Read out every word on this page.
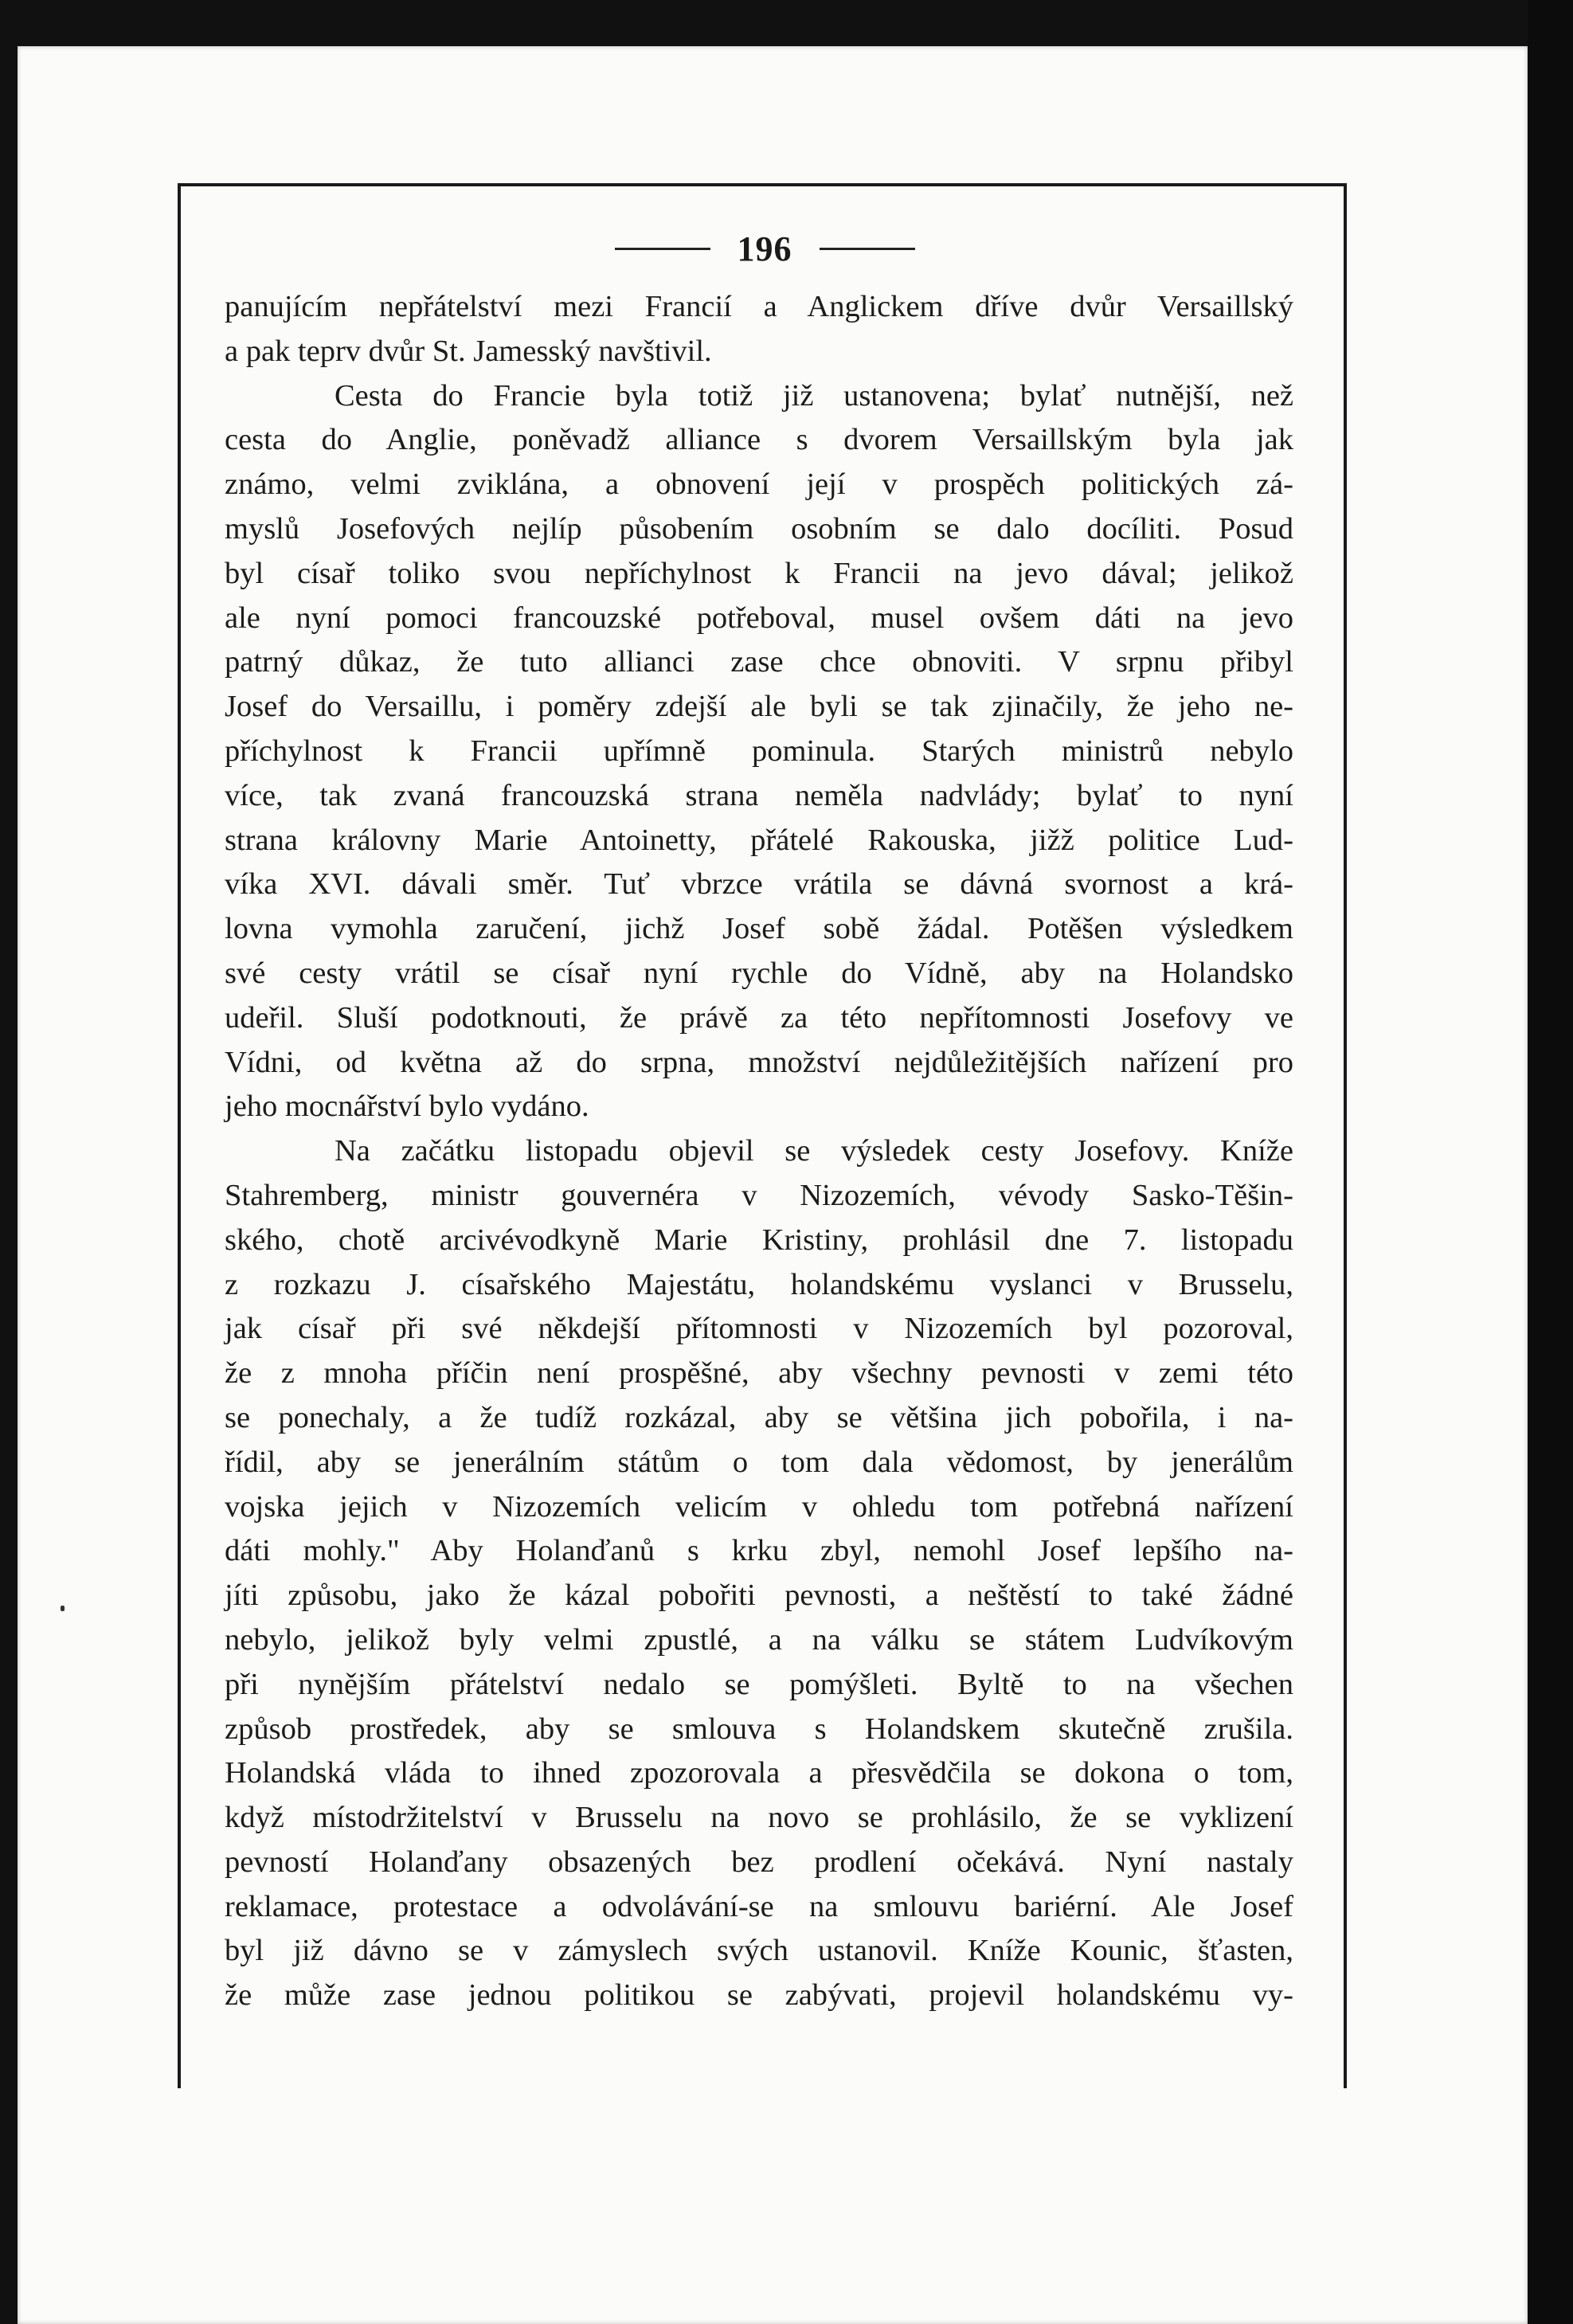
196
panujícím nepřátelství mezi Francií a Anglickem dříve dvůr Versaillský
a pak teprv dvůr St. Jamesský navštivil.
Cesta do Francie byla totiž již ustanovena; bylať nutnější, než
cesta do Anglie, poněvadž alliance s dvorem Versaillským byla jak
známo, velmi zviklána, a obnovení její v prospěch politických zá-
myslů Josefových nejlíp působením osobním se dalo docíliti. Posud
byl císař toliko svou nepříchylnost k Francii na jevo dával; jelikož
ale nyní pomoci francouzské potřeboval, musel ovšem dáti na jevo
patrný důkaz, že tuto allianci zase chce obnoviti. V srpnu přibyl
Josef do Versaillu, i poměry zdejší ale byli se tak zjinačily, že jeho ne-
příchylnost k Francii upřímně pominula. Starých ministrů nebylo
více, tak zvaná francouzská strana neměla nadvlády; bylať to nyní
strana královny Marie Antoinetty, přátelé Rakouska, jižž politice Lud-
víka XVI. dávali směr. Tuť vbrzce vrátila se dávná svornost a krá-
lovna vymohla zaručení, jichž Josef sobě žádal. Potěšen výsledkem
své cesty vrátil se císař nyní rychle do Vídně, aby na Holandsko
udeřil. Sluší podotknouti, že právě za této nepřítomnosti Josefovy ve
Vídni, od května až do srpna, množství nejdůležitějších nařízení pro
jeho mocnářství bylo vydáno.
Na začátku listopadu objevil se výsledek cesty Josefovy. Kníže
Stahremberg, ministr gouvernéra v Nizozemích, vévody Sasko-Těšin-
ského, chotě arcivévodkyně Marie Kristiny, prohlásil dne 7. listopadu
z rozkazu J. císařského Majestátu, holandskému vyslanci v Brusselu,
jak císař při své někdejší přítomnosti v Nizozemích byl pozoroval,
že z mnoha příčin není prospěšné, aby všechny pevnosti v zemi této
se ponechaly, a že tudíž rozkázal, aby se většina jich pobořila, i na-
řídil, aby se jenerálním státům o tom dala vědomost, by jenerálům
vojska jejich v Nizozemích velicím v ohledu tom potřebná nařízení
dáti mohly." Aby Holanďanů s krku zbyl, nemohl Josef lepšího na-
jíti způsobu, jako že kázal pobořiti pevnosti, a neštěstí to také žádné
nebylo, jelikož byly velmi zpustlé, a na válku se státem Ludvíkovým
při nynějším přátelství nedalo se pomýšleti. Byltě to na všechen
způsob prostředek, aby se smlouva s Holandskem skutečně zrušila.
Holandská vláda to ihned zpozorovala a přesvědčila se dokona o tom,
když místodržitelství v Brusselu na novo se prohlásilo, že se vyklizení
pevností Holanďany obsazených bez prodlení očekává. Nyní nastaly
reklamace, protestace a odvolávání-se na smlouvu bariérní. Ale Josef
byl již dávno se v zámyslech svých ustanovil. Kníže Kounic, šťasten,
že může zase jednou politikou se zabývati, projevil holandskému vy-
